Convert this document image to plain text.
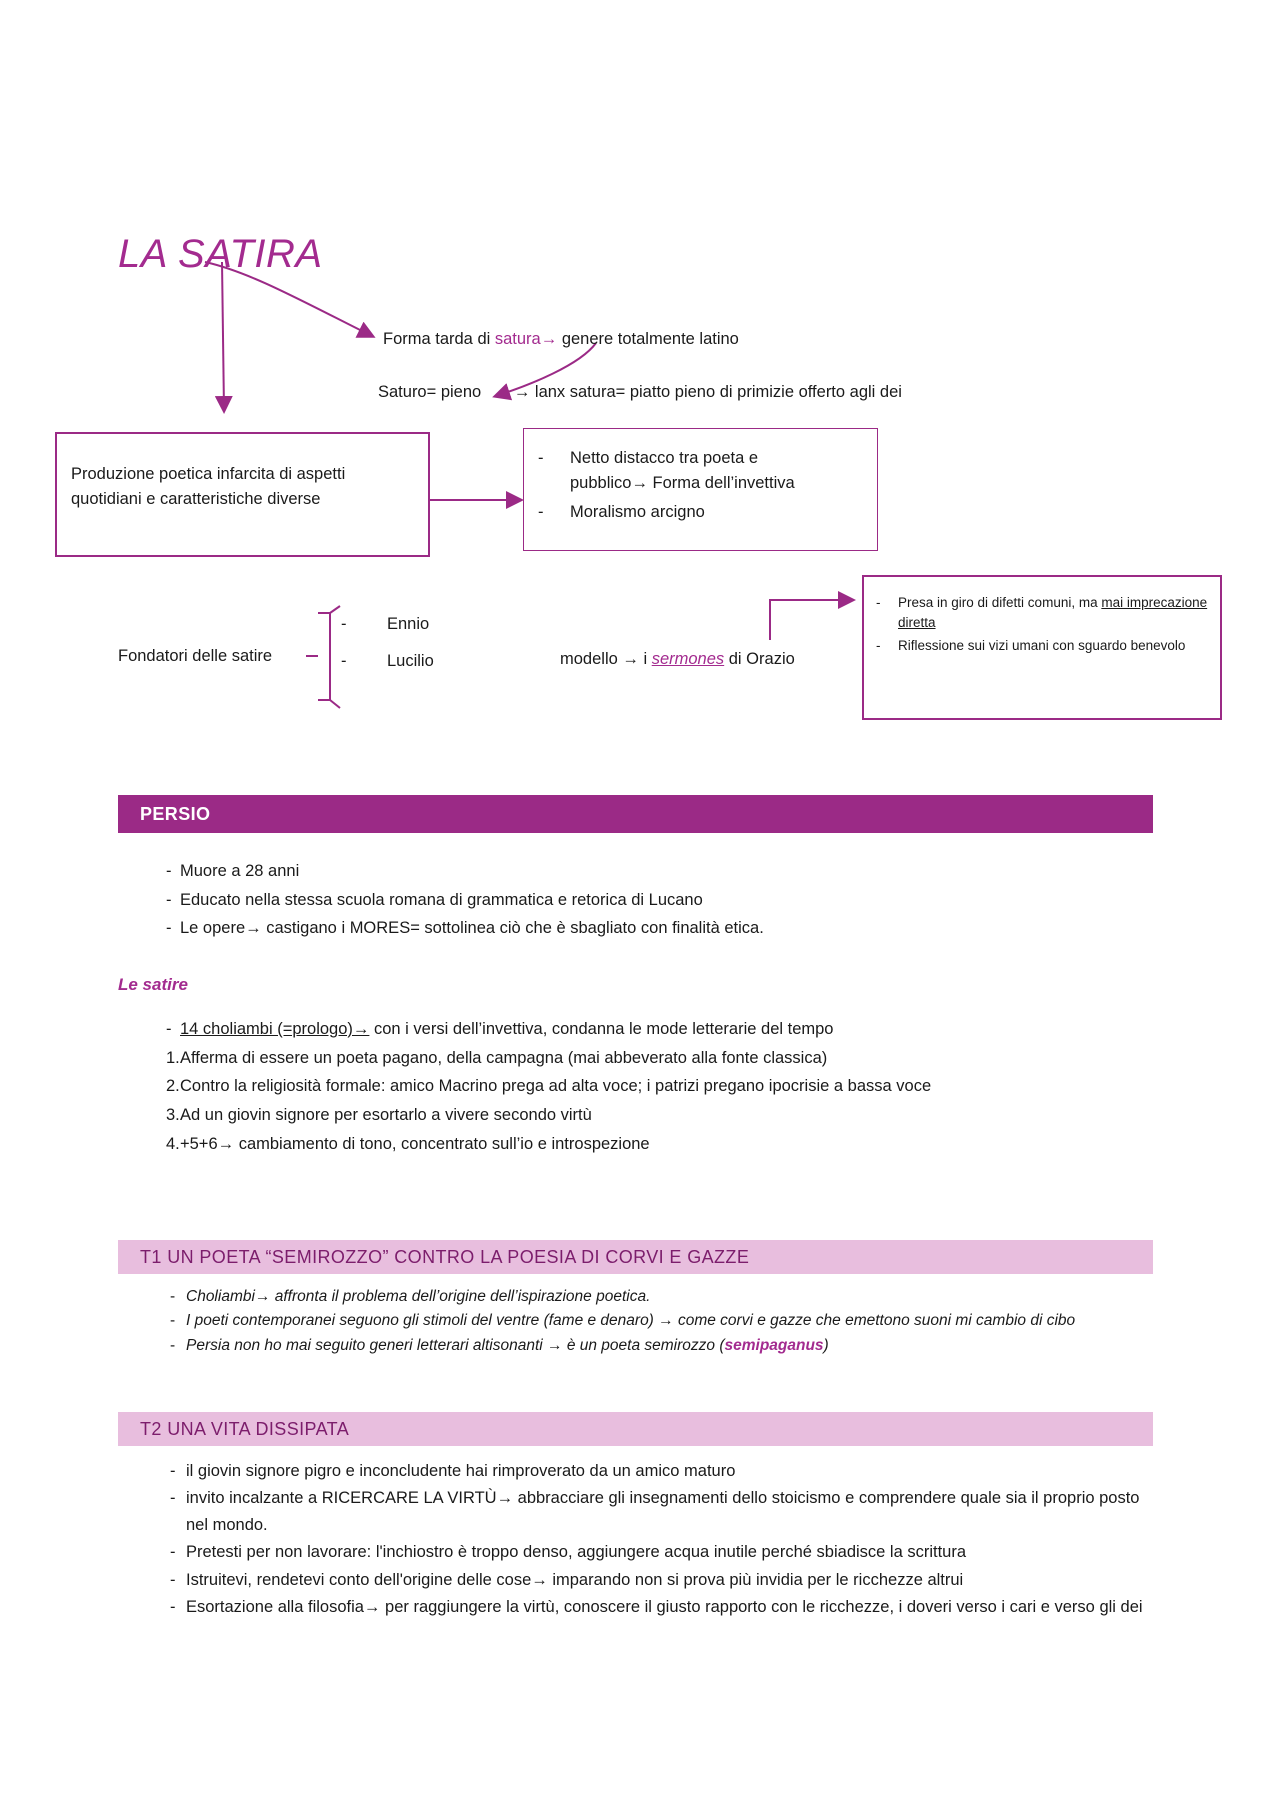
LA SATIRA
Forma tarda di satura→ genere totalmente latino
Saturo= pieno → lanx satura= piatto pieno di primizie offerto agli dei
Produzione poetica infarcita di aspetti
quotidiani e caratteristiche diverse
- Netto distacco tra poeta e
pubblico→ Forma dell’invettiva
- Moralismo arcigno
Fondatori delle satire
- Ennio
- Lucilio	modello → i sermones di Orazio
- Presa in giro di difetti comuni, ma mai imprecazione diretta
- Riflessione sui vizi umani con sguardo benevolo
PERSIO
- Muore a 28 anni
- Educato nella stessa scuola romana di grammatica e retorica di Lucano
- Le opere→ castigano i MORES= sottolinea ciò che è sbagliato con finalità etica.
Le satire
- 14 choliambi (=prologo)→ con i versi dell’invettiva, condanna le mode letterarie del tempo
1. Afferma di essere un poeta pagano, della campagna (mai abbeverato alla fonte classica)
2. Contro la religiosità formale: amico Macrino prega ad alta voce; i patrizi pregano ipocrisie a bassa voce
3. Ad un giovin signore per esortarlo a vivere secondo virtù
4. +5+6→ cambiamento di tono, concentrato sull’io e introspezione
T1 UN POETA “SEMIROZZO” CONTRO LA POESIA DI CORVI E GAZZE
- Choliambi→ affronta il problema dell’origine dell’ispirazione poetica.
- I poeti contemporanei seguono gli stimoli del ventre (fame e denaro) → come corvi e gazze che emettono suoni mi cambio di cibo
- Persia non ho mai seguito generi letterari altisonanti → è un poeta semirozzo (semipaganus)
T2 UNA VITA DISSIPATA
- il giovin signore pigro e inconcludente hai rimproverato da un amico maturo
- invito incalzante a RICERCARE LA VIRTÙ→ abbracciare gli insegnamenti dello stoicismo e comprendere quale sia il proprio posto nel mondo.
- Pretesti per non lavorare: l'inchiostro è troppo denso, aggiungere acqua inutile perché sbiadisce la scrittura
- Istruitevi, rendetevi conto dell'origine delle cose→ imparando non si prova più invidia per le ricchezze altrui
- Esortazione alla filosofia→ per raggiungere la virtù, conoscere il giusto rapporto con le ricchezze, i doveri verso i cari e verso gli dei
